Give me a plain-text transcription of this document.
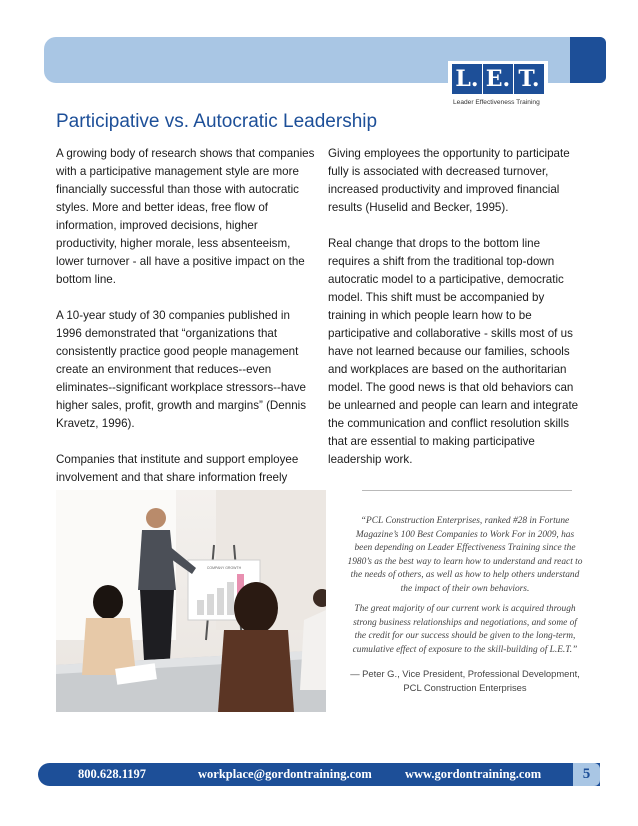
L. E. T.
Leader Effectiveness Training
Participative vs. Autocratic Leadership

A growing body of research shows that companies with a participative management style are more financially successful than those with autocratic styles. More and better ideas, free flow of information, improved decisions, higher productivity, higher morale, less absenteeism, lower turnover - all have a positive impact on the bottom line.

A 10-year study of 30 companies published in 1996 demonstrated that “organizations that consistently practice good people management create an environment that reduces--even eliminates--significant workplace stressors--have higher sales, profit, growth and margins” (Dennis Kravetz, 1996).

Companies that institute and support employee involvement and that share information freely

Giving employees the opportunity to participate fully is associated with decreased turnover, increased productivity and improved financial results (Huselid and Becker, 1995).

Real change that drops to the bottom line requires a shift from the traditional top-down autocratic model to a participative, democratic model. This shift must be accompanied by training in which people learn how to be participative and collaborative - skills most of us have not learned because our families, schools and workplaces are based on the authoritarian model. The good news is that old behaviors can be unlearned and people can learn and integrate the communication and conflict resolution skills that are essential to making participative leadership work.

COMPANY GROWTH

“PCL Construction Enterprises, ranked #28 in Fortune Magazine’s 100 Best Companies to Work For in 2009, has been depending on Leader Effectiveness Training since the 1980’s as the best way to learn how to understand and react to the needs of others, as well as how to help others understand the impact of their own behaviors.

The great majority of our current work is acquired through strong business relationships and negotiations, and some of the credit for our success should be given to the long-term, cumulative effect of exposure to the skill-building of L.E.T.”

— Peter G., Vice President, Professional Development,
PCL Construction Enterprises
800.628.1197	workplace@gordontraining.com	www.gordontraining.com	5
